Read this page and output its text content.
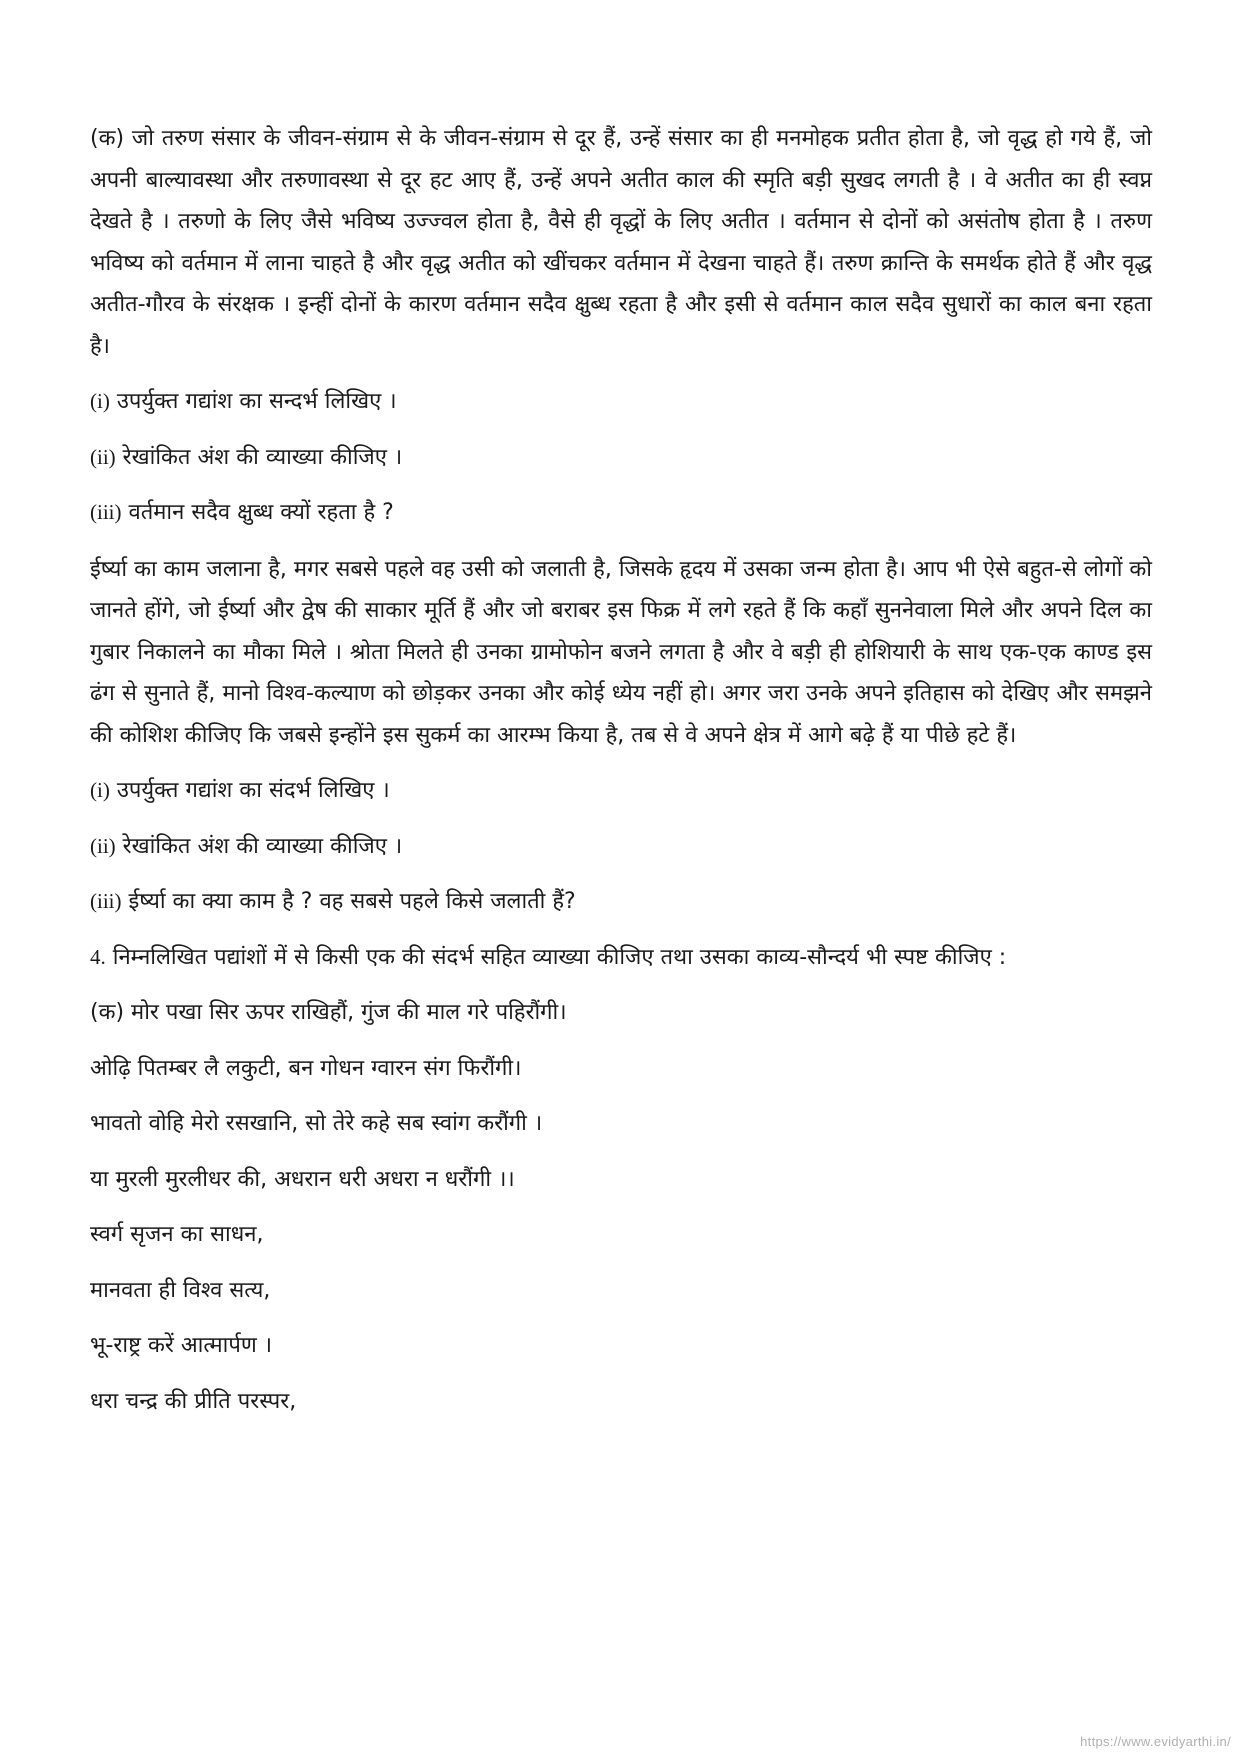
(क) जो तरुण संसार के जीवन-संग्राम से के जीवन-संग्राम से दूर हैं, उन्हें संसार का ही मनमोहक प्रतीत होता है, जो वृद्ध हो गये हैं, जो अपनी बाल्यावस्था और तरुणावस्था से दूर हट आए हैं, उन्हें अपने अतीत काल की स्मृति बड़ी सुखद लगती है । वे अतीत का ही स्वप्न देखते है । तरुणो के लिए जैसे भविष्य उज्ज्वल होता है, वैसे ही वृद्धों के लिए अतीत । वर्तमान से दोनों को असंतोष होता है । तरुण भविष्य को वर्तमान में लाना चाहते है और वृद्ध अतीत को खींचकर वर्तमान में देखना चाहते हैं। तरुण क्रान्ति के समर्थक होते हैं और वृद्ध अतीत-गौरव के संरक्षक । इन्हीं दोनों के कारण वर्तमान सदैव क्षुब्ध रहता है और इसी से वर्तमान काल सदैव सुधारों का काल बना रहता है।

(i) उपर्युक्त गद्यांश का सन्दर्भ लिखिए ।

(ii) रेखांकित अंश की व्याख्या कीजिए ।

(iii) वर्तमान सदैव क्षुब्ध क्यों रहता है ?

ईर्ष्या का काम जलाना है, मगर सबसे पहले वह उसी को जलाती है, जिसके हृदय में उसका जन्म होता है। आप भी ऐसे बहुत-से लोगों को जानते होंगे, जो ईर्ष्या और द्वेष की साकार मूर्ति हैं और जो बराबर इस फिक्र में लगे रहते हैं कि कहाँ सुननेवाला मिले और अपने दिल का गुबार निकालने का मौका मिले । श्रोता मिलते ही उनका ग्रामोफोन बजने लगता है और वे बड़ी ही होशियारी के साथ एक-एक काण्ड इस ढंग से सुनाते हैं, मानो विश्व-कल्याण को छोड़कर उनका और कोई ध्येय नहीं हो। अगर जरा उनके अपने इतिहास को देखिए और समझने की कोशिश कीजिए कि जबसे इन्होंने इस सुकर्म का आरम्भ किया है, तब से वे अपने क्षेत्र में आगे बढ़े हैं या पीछे हटे हैं।

(i) उपर्युक्त गद्यांश का संदर्भ लिखिए ।

(ii) रेखांकित अंश की व्याख्या कीजिए ।

(iii) ईर्ष्या का क्या काम है ? वह सबसे पहले किसे जलाती हैं?

4. निम्नलिखित पद्यांशों में से किसी एक की संदर्भ सहित व्याख्या कीजिए तथा उसका काव्य-सौन्दर्य भी स्पष्ट कीजिए :

(क) मोर पखा सिर ऊपर राखिहौं, गुंज की माल गरे पहिरौंगी।

ओढ़ि पितम्बर लै लकुटी, बन गोधन ग्वारन संग फिरौंगी।

भावतो वोहि मेरो रसखानि, सो तेरे कहे सब स्वांग करौंगी ।

या मुरली मुरलीधर की, अधरान धरी अधरा न धरौंगी ।।

स्वर्ग सृजन का साधन,

मानवता ही विश्व सत्य,

भू-राष्ट्र करें आत्मार्पण ।

धरा चन्द्र की प्रीति परस्पर,

https://www.evidyarthi.in/
